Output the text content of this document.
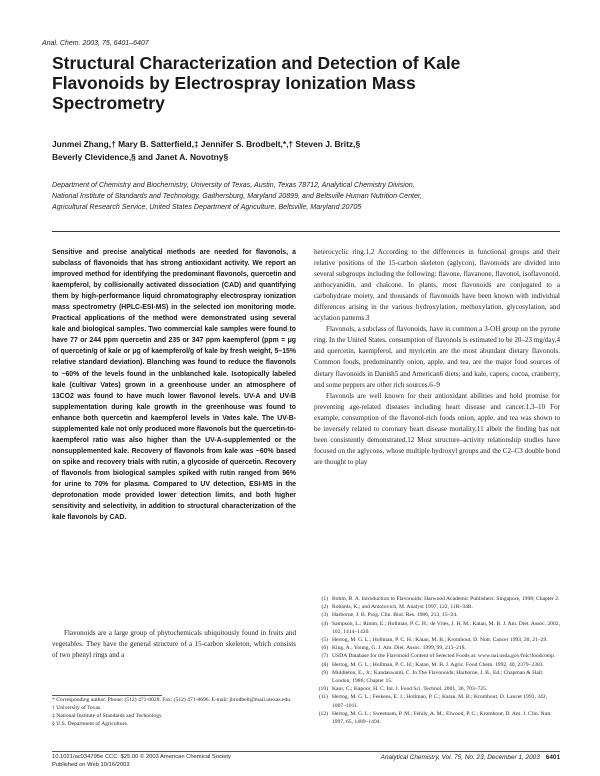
Anal. Chem. 2003, 75, 6401–6407
Structural Characterization and Detection of Kale
Flavonoids by Electrospray Ionization Mass
Spectrometry
Junmei Zhang,† Mary B. Satterfield,‡ Jennifer S. Brodbelt,*,† Steven J. Britz,§
Beverly Clevidence,§ and Janet A. Novotny§
Department of Chemistry and Biochemistry, University of Texas, Austin, Texas 78712, Analytical Chemistry Division,
National Institute of Standards and Technology, Gaithersburg, Maryland 20899, and Beltsville Human Nutrition Center,
Agricultural Research Service, United States Department of Agriculture, Beltsville, Maryland 20705

Sensitive and precise analytical methods are needed for flavonols, a subclass of flavonoids that has strong antioxidant activity. We report an improved method for identifying the predominant flavonols, quercetin and kaempferol, by collisionally activated dissociation (CAD) and quantifying them by high-performance liquid chromatography electrospray ionization mass spectrometry (HPLC-ESI-MS) in the selected ion monitoring mode. Practical applications of the method were demonstrated using several kale and biological samples. Two commercial kale samples were found to have 77 or 244 ppm quercetin and 235 or 347 ppm kaempferol (ppm = μg of quercetin/g of kale or μg of kaempferol/g of kale by fresh weight, 5–15% relative standard deviation). Blanching was found to reduce the flavonols to ~60% of the levels found in the unblanched kale. Isotopically labeled kale (cultivar Vates) grown in a greenhouse under an atmosphere of 13CO2 was found to have much lower flavonol levels. UV-A and UV-B supplementation during kale growth in the greenhouse was found to enhance both quercetin and kaempferol levels in Vates kale. The UV-B-supplemented kale not only produced more flavonols but the quercetin-to-kaempferol ratio was also higher than the UV-A-supplemented or the nonsupplemented kale. Recovery of flavonols from kale was ~60% based on spike and recovery trials with rutin, a glycoside of quercetin. Recovery of flavonols from biological samples spiked with rutin ranged from 96% for urine to 70% for plasma. Compared to UV detection, ESI-MS in the deprotonation mode provided lower detection limits, and both higher sensitivity and selectivity, in addition to structural characterization of the kale flavonols by CAD.

Flavonoids are a large group of phytochemicals ubiquitously found in fruits and vegetables. They have the general structure of a 15-carbon skeleton, which consists of two phenyl rings and a

heterocyclic ring.1,2 According to the differences in functional groups and their relative positions of the 15-carbon skeleton (aglycon), flavonoids are divided into several subgroups including the following: flavone, flavanone, flavonol, isoflavonoid, anthocyanidin, and chalcone. In plants, most flavonoids are conjugated to a carbohydrate moiety, and thousands of flavonoids have been known with individual differences arising in the various hydroxylation, methoxylation, glycosylation, and acylation patterns.3

Flavonols, a subclass of flavonoids, have in common a 3-OH group on the pyrone ring. In the United States, consumption of flavonols is estimated to be 20–23 mg/day,4 and quercetin, kaempferol, and myricetin are the most abundant dietary flavonols. Common foods, predominantly onion, apple, and tea, are the major food sources of dietary flavonoids in Danish5 and American6 diets; and kale, capers, cocoa, cranberry, and some peppers are other rich sources.6–9

Flavonols are well known for their antioxidant abilities and hold promise for preventing age-related diseases including heart disease and cancer.1,3–10 For example, consumption of the flavonol-rich foods onion, apple, and tea was shown to be inversely related to coronary heart disease mortality,11 albeit the finding has not been consistently demonstrated.12 Most structure–activity relationship studies have focused on the aglycons, whose multiple hydroxyl groups and the C2–C3 double bond are thought to play

(1) Bohm, B. A. Introduction to Flavonoids; Harwood Academic Publishers: Singapore, 1998; Chapter 2.
(2) Robards, K.; and Antolovich, M. Analyst 1997, 122, 11R–34R.
(3) Harborne, J. B. Prog. Clin. Biol. Res. 1986, 213, 15–24.
(4) Sampson, L.; Rimm, E.; Hollman, P. C. H.; de Vries, J. H. M.; Katan, M. B. J. Am. Diet. Assoc. 2002, 102, 1414–1420.
(5) Hertog, M. G. L.; Hollman, P. C. H.; Katan, M. B.; Kromhout, D. Nutr. Cancer 1993, 20, 21–29.
(6) King, A.; Young, G. J. Am. Diet. Assoc. 1999, 99, 213–218.
(7) USDA Database for the Flavonoid Content of Selected Foods at: www.nal.usda.gov/fnic/foodcomp.
(8) Hertog, M. G. L.; Hollman, P. C. H.; Katan, M. B. J. Agric. Food Chem. 1992, 40, 2379–2383.
(9) Middleton, E., Jr.; Kandaswami, C. In The Flavonoids; Harborne, J. B., Ed.; Chapman & Hall: London, 1986; Chapter 15.
(10) Kaur, C.; Kapoor, H. C. Int. J. Food Sci. Technol. 2001, 36, 703–725.
(11) Hertog, M. G. L.; Feskens, E. J.; Hollman, P. C.; Katan, M. B.; Kromhout, D. Lancet 1993, 342, 1007–1011.
(12) Hertog, M. G. L.; Sweetnam, P. M.; Fehily, A. M.; Elwood, P. C.; Kromhout, D. Am. J. Clin. Nutr. 1997, 65, 1489–1494.
* Corresponding author. Phone: (512) 471-0028. Fax: (512) 471-8696. E-mail: jbrodbelt@mail.utexas.edu.
† University of Texas.
‡ National Institute of Standards and Technology.
§ U.S. Department of Agriculture.
10.1021/ac034795e CCC: $25.00 © 2003 American Chemical Society
Published on Web 10/16/2003
Analytical Chemistry, Vol. 75, No. 23, December 1, 2003 6401
